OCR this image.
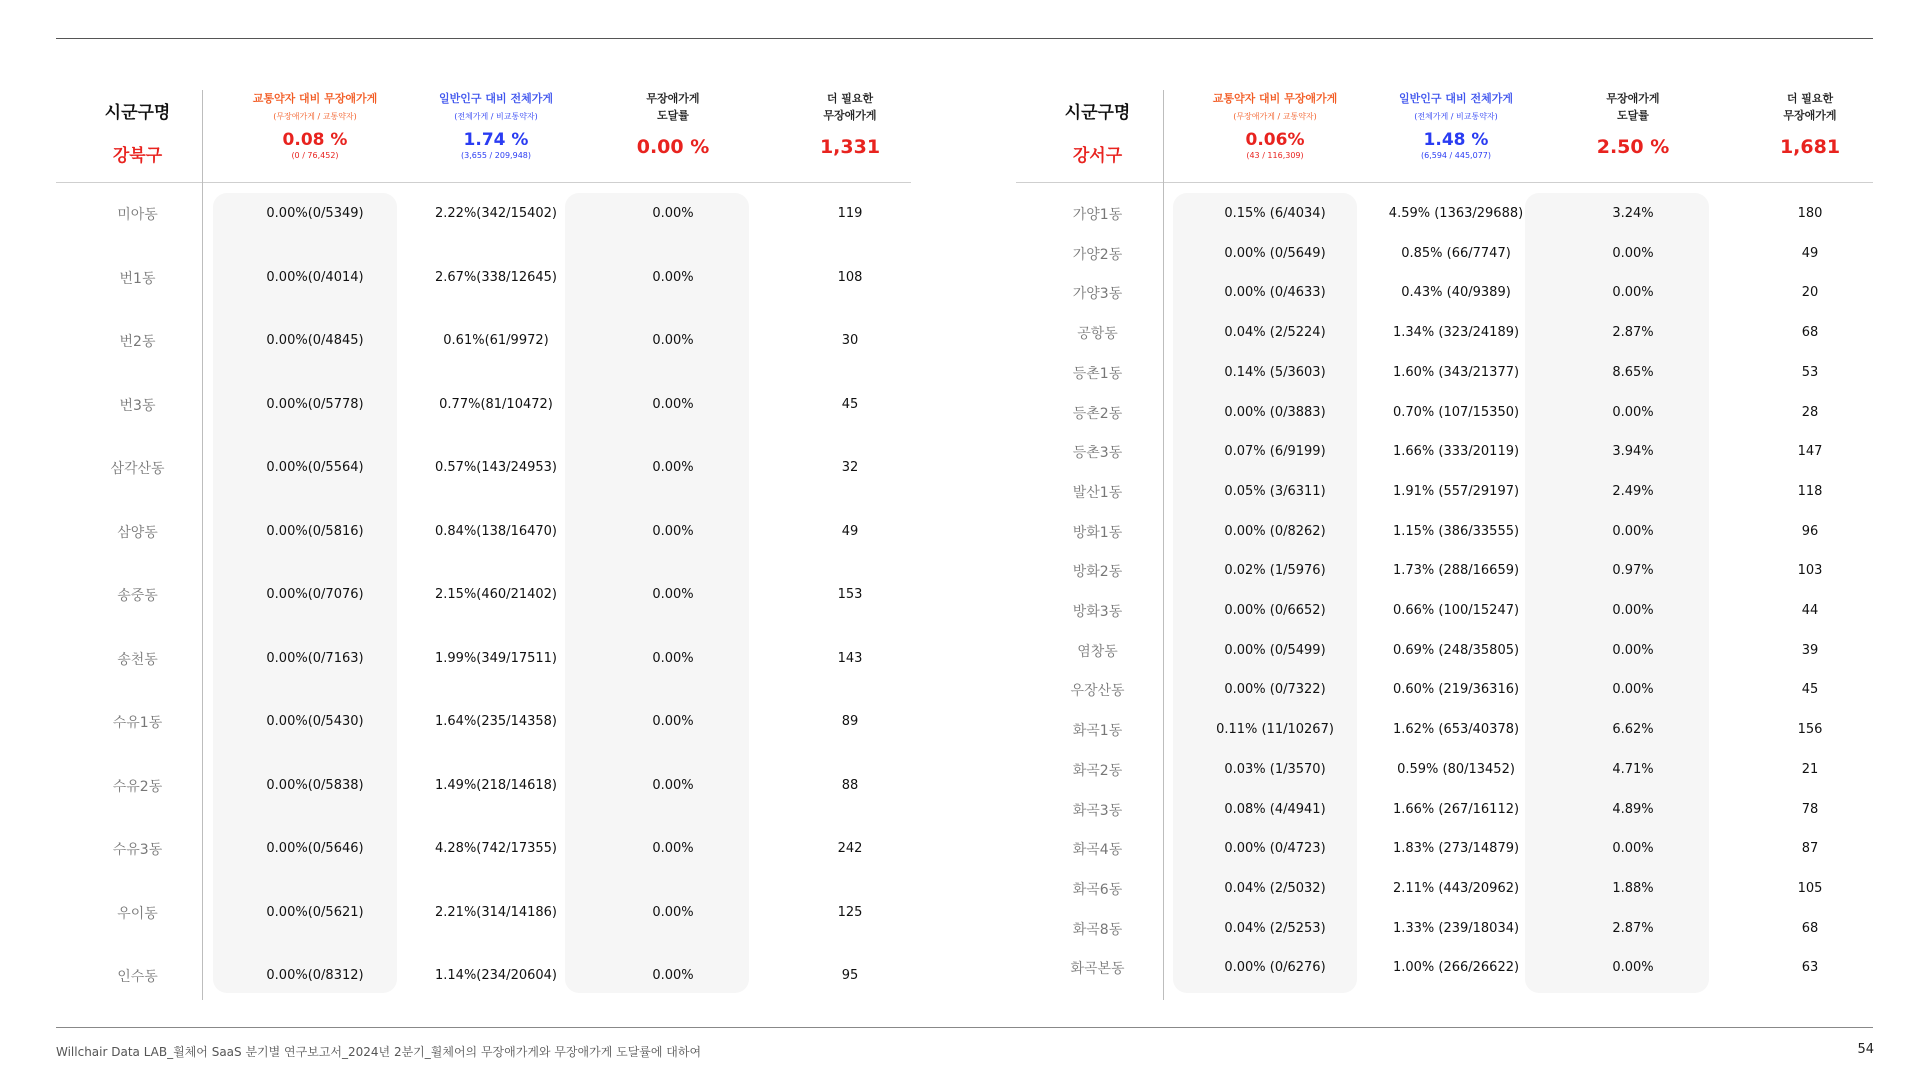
시군구명
강북구
교통약자 대비 무장애가게
(무장애가게 / 교통약자)
0.08 %
(0 / 76,452)
일반인구 대비 전체가게
(전체가게 / 비교통약자)
1.74 %
(3,655 / 209,948)
무장애가게
도달률
0.00 %
더 필요한
무장애가게
1,331
미아동	0.00%(0/5349)	2.22%(342/15402)	0.00%	119
번1동	0.00%(0/4014)	2.67%(338/12645)	0.00%	108
번2동	0.00%(0/4845)	0.61%(61/9972)	0.00%	30
번3동	0.00%(0/5778)	0.77%(81/10472)	0.00%	45
삼각산동	0.00%(0/5564)	0.57%(143/24953)	0.00%	32
삼양동	0.00%(0/5816)	0.84%(138/16470)	0.00%	49
송중동	0.00%(0/7076)	2.15%(460/21402)	0.00%	153
송천동	0.00%(0/7163)	1.99%(349/17511)	0.00%	143
수유1동	0.00%(0/5430)	1.64%(235/14358)	0.00%	89
수유2동	0.00%(0/5838)	1.49%(218/14618)	0.00%	88
수유3동	0.00%(0/5646)	4.28%(742/17355)	0.00%	242
우이동	0.00%(0/5621)	2.21%(314/14186)	0.00%	125
인수동	0.00%(0/8312)	1.14%(234/20604)	0.00%	95
시군구명
강서구
교통약자 대비 무장애가게
(무장애가게 / 교통약자)
0.06%
(43 / 116,309)
일반인구 대비 전체가게
(전체가게 / 비교통약자)
1.48 %
(6,594 / 445,077)
무장애가게
도달률
2.50 %
더 필요한
무장애가게
1,681
가양1동	0.15% (6/4034)	4.59% (1363/29688)	3.24%	180
가양2동	0.00% (0/5649)	0.85% (66/7747)	0.00%	49
가양3동	0.00% (0/4633)	0.43% (40/9389)	0.00%	20
공항동	0.04% (2/5224)	1.34% (323/24189)	2.87%	68
등촌1동	0.14% (5/3603)	1.60% (343/21377)	8.65%	53
등촌2동	0.00% (0/3883)	0.70% (107/15350)	0.00%	28
등촌3동	0.07% (6/9199)	1.66% (333/20119)	3.94%	147
발산1동	0.05% (3/6311)	1.91% (557/29197)	2.49%	118
방화1동	0.00% (0/8262)	1.15% (386/33555)	0.00%	96
방화2동	0.02% (1/5976)	1.73% (288/16659)	0.97%	103
방화3동	0.00% (0/6652)	0.66% (100/15247)	0.00%	44
염창동	0.00% (0/5499)	0.69% (248/35805)	0.00%	39
우장산동	0.00% (0/7322)	0.60% (219/36316)	0.00%	45
화곡1동	0.11% (11/10267)	1.62% (653/40378)	6.62%	156
화곡2동	0.03% (1/3570)	0.59% (80/13452)	4.71%	21
화곡3동	0.08% (4/4941)	1.66% (267/16112)	4.89%	78
화곡4동	0.00% (0/4723)	1.83% (273/14879)	0.00%	87
화곡6동	0.04% (2/5032)	2.11% (443/20962)	1.88%	105
화곡8동	0.04% (2/5253)	1.33% (239/18034)	2.87%	68
화곡본동	0.00% (0/6276)	1.00% (266/26622)	0.00%	63
Willchair Data LAB_휠체어 SaaS 분기별 연구보고서_2024년 2분기_휠체어의 무장애가게와 무장애가게 도달률에 대하여	54
